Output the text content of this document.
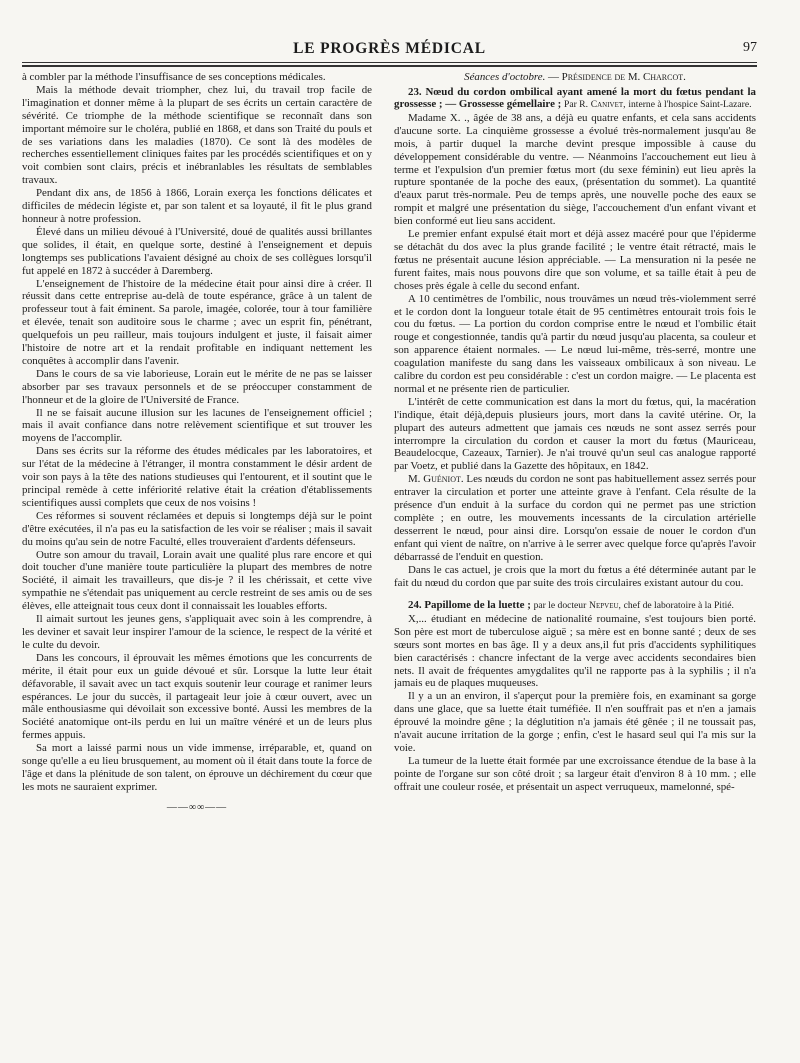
LE PROGRÈS MÉDICAL	97

à combler par la méthode l'insuffisance de ses conceptions médicales.

Mais la méthode devait triompher, chez lui, du travail trop facile de l'imagination et donner même à la plupart de ses écrits un certain caractère de sévérité. Ce triomphe de la méthode scientifique se reconnaît dans son important mémoire sur le choléra, publié en 1868, et dans son Traité du pouls et de ses variations dans les maladies (1870). Ce sont là des modèles de recherches essentiellement cliniques faites par les procédés scientifiques et on y voit combien sont clairs, précis et inébranlables les résultats de semblables travaux.

Pendant dix ans, de 1856 à 1866, Lorain exerça les fonctions délicates et difficiles de médecin légiste et, par son talent et sa loyauté, il fit le plus grand honneur à notre profession.

Élevé dans un milieu dévoué à l'Université, doué de qualités aussi brillantes que solides, il était, en quelque sorte, destiné à l'enseignement et depuis longtemps ses publications l'avaient désigné au choix de ses collègues lorsqu'il fut appelé en 1872 à succéder à Daremberg.

L'enseignement de l'histoire de la médecine était pour ainsi dire à créer. Il réussit dans cette entreprise au-delà de toute espérance, grâce à un talent de professeur tout à fait éminent. Sa parole, imagée, colorée, tour à tour familière et élevée, tenait son auditoire sous le charme ; avec un esprit fin, pénétrant, quelquefois un peu railleur, mais toujours indulgent et juste, il faisait aimer l'histoire de notre art et la rendait profitable en indiquant nettement les conquêtes à accomplir dans l'avenir.

Dans le cours de sa vie laborieuse, Lorain eut le mérite de ne pas se laisser absorber par ses travaux personnels et de se préoccuper constamment de l'honneur et de la gloire de l'Université de France.

Il ne se faisait aucune illusion sur les lacunes de l'enseignement officiel ; mais il avait confiance dans notre relèvement scientifique et sut trouver les moyens de l'accomplir.

Dans ses écrits sur la réforme des études médicales par les laboratoires, et sur l'état de la médecine à l'étranger, il montra constamment le désir ardent de voir son pays à la tête des nations studieuses qui l'entourent, et il soutint que le principal remède à cette infériorité relative était la création d'établissements scientifiques aussi complets que ceux de nos voisins !

Ces réformes si souvent réclamées et depuis si longtemps déjà sur le point d'être exécutées, il n'a pas eu la satisfaction de les voir se réaliser ; mais il savait du moins qu'au sein de notre Faculté, elles trouveraient d'ardents défenseurs.

Outre son amour du travail, Lorain avait une qualité plus rare encore et qui doit toucher d'une manière toute particulière la plupart des membres de notre Société, il aimait les travailleurs, que dis-je ? il les chérissait, et cette vive sympathie ne s'étendait pas uniquement au cercle restreint de ses amis ou de ses élèves, elle atteignait tous ceux dont il connaissait les louables efforts.

Il aimait surtout les jeunes gens, s'appliquait avec soin à les comprendre, à les deviner et savait leur inspirer l'amour de la science, le respect de la vérité et le culte du devoir.

Dans les concours, il éprouvait les mêmes émotions que les concurrents de mérite, il était pour eux un guide dévoué et sûr. Lorsque la lutte leur était défavorable, il savait avec un tact exquis soutenir leur courage et ranimer leurs espérances. Le jour du succès, il partageait leur joie à cœur ouvert, avec un mâle enthousiasme qui dévoilait son excessive bonté. Aussi les membres de la Société anatomique ont-ils perdu en lui un maître vénéré et un de leurs plus fermes appuis.

Sa mort a laissé parmi nous un vide immense, irréparable, et, quand on songe qu'elle a eu lieu brusquement, au moment où il était dans toute la force de l'âge et dans la plénitude de son talent, on éprouve un déchirement du cœur que les mots ne sauraient exprimer.

——∞∞——
Séances d'octobre. — Présidence de M. Charcot.

23. Nœud du cordon ombilical ayant amené la mort du fœtus pendant la grossesse ; — Grossesse gémellaire ; Par R. Canivet, interne à l'hospice Saint-Lazare.

Madame X. ., âgée de 38 ans, a déjà eu quatre enfants, et cela sans accidents d'aucune sorte. La cinquième grossesse a évolué très-normalement jusqu'au 8e mois, à partir duquel la marche devint presque impossible à cause du développement considérable du ventre. — Néanmoins l'accouchement eut lieu à terme et l'expulsion d'un premier fœtus mort (du sexe féminin) eut lieu après la rupture spontanée de la poche des eaux, (présentation du sommet). La quantité d'eaux parut très-normale. Peu de temps après, une nouvelle poche des eaux se rompit et malgré une présentation du siège, l'accouchement d'un enfant vivant et bien conformé eut lieu sans accident.

Le premier enfant expulsé était mort et déjà assez macéré pour que l'épiderme se détachât du dos avec la plus grande facilité ; le ventre était rétracté, mais le fœtus ne présentait aucune lésion appréciable. — La mensuration ni la pesée ne furent faites, mais nous pouvons dire que son volume, et sa taille était à peu de choses près égale à celle du second enfant.

A 10 centimètres de l'ombilic, nous trouvâmes un nœud très-violemment serré et le cordon dont la longueur totale était de 95 centimètres entourait trois fois le cou du fœtus. — La portion du cordon comprise entre le nœud et l'ombilic était rouge et congestionnée, tandis qu'à partir du nœud jusqu'au placenta, sa couleur et son apparence étaient normales. — Le nœud lui-même, très-serré, montre une coagulation manifeste du sang dans les vaisseaux ombilicaux à son niveau. Le calibre du cordon est peu considérable : c'est un cordon maigre. — Le placenta est normal et ne présente rien de particulier.

L'intérêt de cette communication est dans la mort du fœtus, qui, la macération l'indique, était déjà,depuis plusieurs jours, mort dans la cavité utérine. Or, la plupart des auteurs admettent que jamais ces nœuds ne sont assez serrés pour interrompre la circulation du cordon et causer la mort du fœtus (Mauriceau, Beaudelocque, Cazeaux, Tarnier). Je n'ai trouvé qu'un seul cas analogue rapporté par Voetz, et publié dans la Gazette des hôpitaux, en 1842.

M. Guéniot. Les nœuds du cordon ne sont pas habituellement assez serrés pour entraver la circulation et porter une atteinte grave à l'enfant. Cela résulte de la présence d'un enduit à la surface du cordon qui ne permet pas une striction complète ; en outre, les mouvements incessants de la circulation artérielle desserrent le nœud, pour ainsi dire. Lorsqu'on essaie de nouer le cordon d'un enfant qui vient de naître, on n'arrive à le serrer avec quelque force qu'après l'avoir débarrassé de l'enduit en question.

Dans le cas actuel, je crois que la mort du fœtus a été déterminée autant par le fait du nœud du cordon que par suite des trois circulaires existant autour du cou.

24. Papillome de la luette ; par le docteur Nepveu, chef de laboratoire à la Pitié.

X,... étudiant en médecine de nationalité roumaine, s'est toujours bien porté. Son père est mort de tuberculose aiguë ; sa mère est en bonne santé ; deux de ses sœurs sont mortes en bas âge. Il y a deux ans,il fut pris d'accidents syphilitiques bien caractérisés : chancre infectant de la verge avec accidents secondaires bien nets. Il avait de fréquentes amygdalites qu'il ne rapporte pas à la syphilis ; il n'a jamais eu de plaques muqueuses.

Il y a un an environ, il s'aperçut pour la première fois, en examinant sa gorge dans une glace, que sa luette était tuméfiée. Il n'en souffrait pas et n'en a jamais éprouvé la moindre gêne ; la déglutition n'a jamais été gênée ; il ne toussait pas, n'avait aucune irritation de la gorge ; enfin, c'est le hasard seul qui l'a mis sur la voie.

La tumeur de la luette était formée par une excroissance étendue de la base à la pointe de l'organe sur son côté droit ; sa largeur était d'environ 8 à 10 mm. ; elle offrait une couleur rosée, et présentait un aspect verruqueux, mamelonné, spé-
